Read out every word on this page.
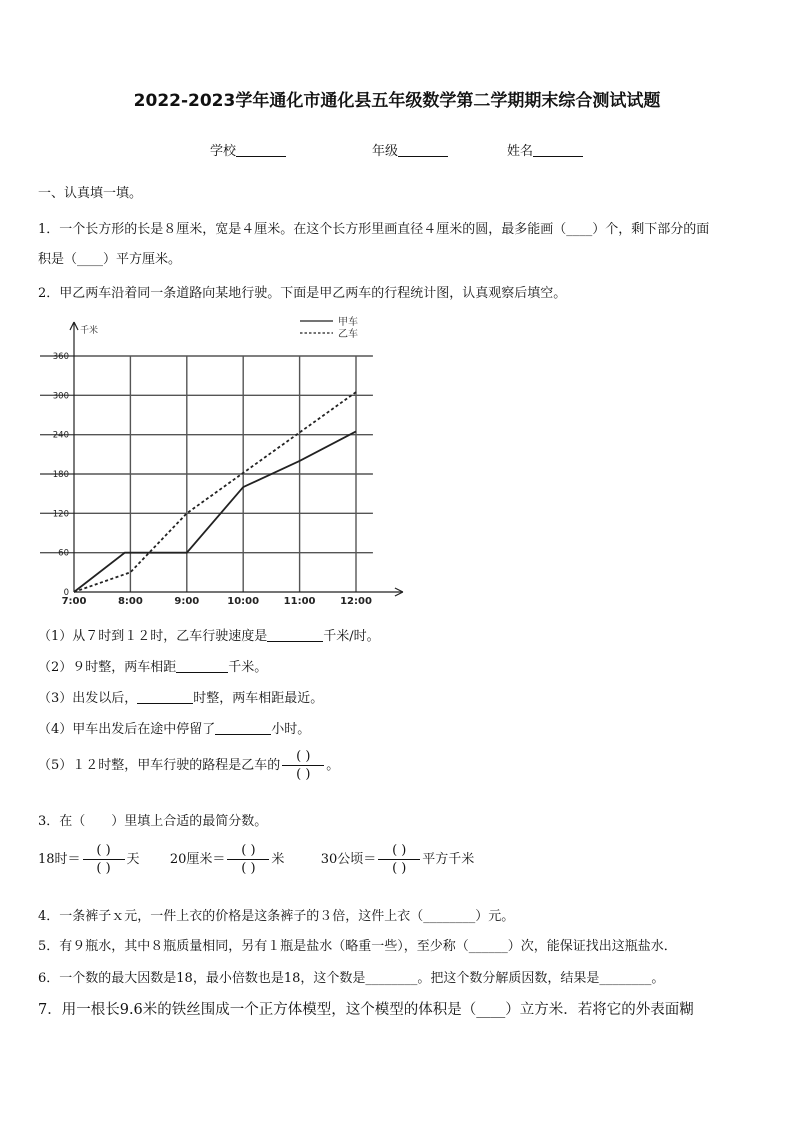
2022-2023学年通化市通化县五年级数学第二学期期末综合测试试题
学校	年级	姓名
一、认真填一填。
1．一个长方形的长是８厘米，宽是４厘米。在这个长方形里画直径４厘米的圆，最多能画（____）个，剩下部分的面
积是（____）平方厘米。
2．甲乙两车沿着同一条道路向某地行驶。下面是甲乙两车的行程统计图，认真观察后填空。
千米
0
60
120
180
240
300
360
7:00	8:00	9:00	10:00 11:00 12:00
甲车
乙车
（1）从７时到１２时，乙车行驶速度是	千米/时。
（2）９时整，两车相距	千米。
（3）出发以后，	时整，两车相距最近。
（4）甲车出发后在途中停留了	小时。
（5）１２时整，甲车行驶的路程是乙车的 $\frac{( )}{( )}$ 。
3．在（　　）里填上合适的最简分数。
18时＝ $\frac{( )}{( )}$ 天 20厘米＝ $\frac{( )}{( )}$ 米	30公顷＝ $\frac{( )}{( )}$ 平方千米
4．一条裤子ｘ元，一件上衣的价格是这条裤子的３倍，这件上衣（________）元。
5．有９瓶水，其中８瓶质量相同，另有１瓶是盐水（略重一些），至少称（______）次，能保证找出这瓶盐水．
6．一个数的最大因数是18，最小倍数也是18，这个数是________。把这个数分解质因数，结果是________。
7．用一根长9.6米的铁丝围成一个正方体模型，这个模型的体积是（____）立方米．若将它的外表面糊
